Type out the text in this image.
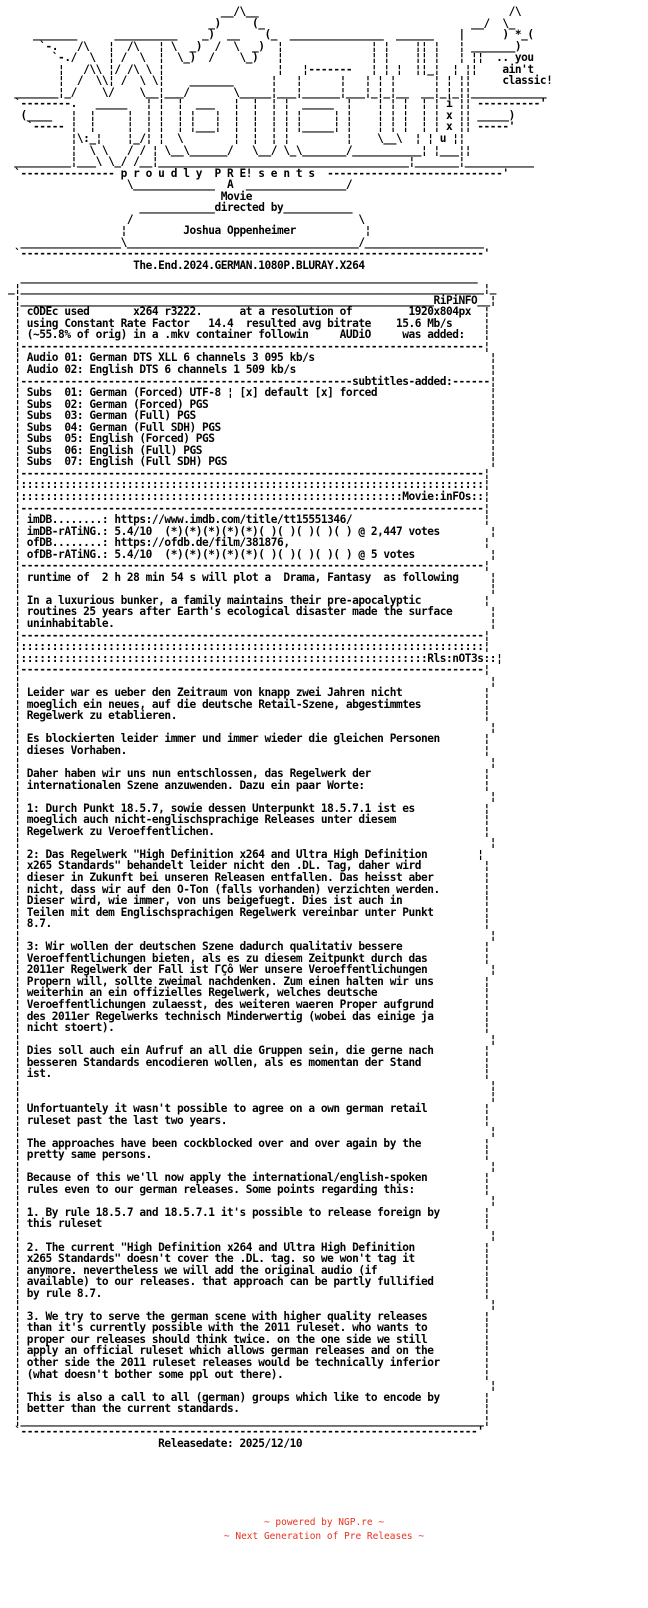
__/\__                                        /\
_)     (_                                 __/  \_
_______      __________    _)  __    (_  _______________  ______    |      ) *_(
`-.   /\   ¦  /\   ¦ \  _)  /  \  _)  ¦              ¦ ¦    ¦¦ ¦   ¦ _______)
`-./  \  ¦ /  \  ¦  \_)  /    \_)   ¦              ¦ ¦    ¦¦ ¦   ¦ ¦¦  .. you
¦   /\\ ¦/ /\ \ ¦                  ¦   ¦-------   ¦ ¦ ¦  ¦¦_¦  ¦ ¦¦    ain't
¦  /  \\¦ /  \ \¦    _______      ¦   ¦      ¦   ¦ ¦ ¦      ¦ ¦ ¦¦     classic!
_______¦_/    \/    \__¦___/       \_____¦___¦______¦___¦_¦_¦__  __¦_¦_¦¦____________
`--------.   _____   ¦ ¦  ¦  ___   ¦  ¦  ¦ ¦  _____  ¦    ¦ ¦ ¦  ¦ ¦ i ¦¦ ----------'
(____   ¦  ¦     ¦  ¦ ¦  ¦ ¦   ¦  ¦  ¦  ¦ ¦ ¦     ¦ ¦    ¦ ¦ ¦  ¦ ¦ x ¦¦ _____)
`----- ¦  ¦     ¦  ¦ ¦  ¦ ¦___¦  ¦  ¦  ¦ ¦ ¦_____¦ ¦    ¦ ¦ ¦  ¦ ¦ x ¦¦ -----'
¦\:_¦    ¦_/¦ ¦  \        ¦  ¦  ¦ ¦         ¦    \__\  ¦ ¦ u ¦¦
¦  \ \   / / ¦ \__\______/   \__/ \_\_______/___________¦ ¦___¦¦
_________¦___\ \_/ /__¦________________________________________¦_______¦___________
`--------------- p r o u d l y  P R E! s e n t s  ----------------------------'
\_____________  A  ________________/
Movie
____________directed by___________
/                                    \
¦         Joshua Oppenheimer           ¦
________________\_____________________________________/___________________
`--------------------------------------------------------------------------'
The.End.2024.GERMAN.1080P.BLURAY.X264
_________________________________________________________________________
_¦__________________________________________________________________________¦_
¦__________________________________________________________________RiPiNFO__¦
¦ cODEc used       x264 r3222.      at a resolution of         1920x804px  ¦
¦ using Constant Rate Factor   14.4  resulted avg bitrate    15.6 Mb/s     ¦
¦ (~55.8% of orig) in a .mkv container followin     AUDiO     was added:   ¦
¦--------------------------------------------------------------------------¦
¦ Audio 01: German DTS XLL 6 channels 3 095 kb/s                            ¦
¦ Audio 02: English DTS 6 channels 1 509 kb/s                               ¦
¦-----------------------------------------------------subtitles-added:------¦
¦ Subs  01: German (Forced) UTF-8 ¦ [x] default [x] forced                  ¦
¦ Subs  02: German (Forced) PGS                                             ¦
¦ Subs  03: German (Full) PGS                                               ¦
¦ Subs  04: German (Full SDH) PGS                                           ¦
¦ Subs  05: English (Forced) PGS                                            ¦
¦ Subs  06: English (Full) PGS                                              ¦
¦ Subs  07: English (Full SDH) PGS                                          ¦
¦--------------------------------------------------------------------------¦
¦::::::::::::::::::::::::::::::::::::::::::::::::::::::::::::::::::::::::::¦
¦:::::::::::::::::::::::::::::::::::::::::::::::::::::::::::::Movie:inFOs::¦
¦--------------------------------------------------------------------------¦
¦ imDB........: https://www.imdb.com/title/tt15551346/                     ¦
¦ imDB-rATiNG.: 5.4/10  (*)(*)(*)(*)(*)( )( )( )( )( ) @ 2,447 votes        ¦
¦ ofDB........: https://ofdb.de/film/381876,                               ¦
¦ ofDB-rATiNG.: 5.4/10  (*)(*)(*)(*)(*)( )( )( )( )( ) @ 5 votes            ¦
¦--------------------------------------------------------------------------¦
¦ runtime of  2 h 28 min 54 s will plot a  Drama, Fantasy  as following     ¦
¦                                                                           ¦
¦ In a luxurious bunker, a family maintains their pre-apocalyptic          ¦
¦ routines 25 years after Earth's ecological disaster made the surface      ¦
¦ uninhabitable.                                                            ¦
¦--------------------------------------------------------------------------¦
¦::::::::::::::::::::::::::::::::::::::::::::::::::::::::::::::::::::::::::¦
¦:::::::::::::::::::::::::::::::::::::::::::::::::::::::::::::::::Rls:nOT3s::¦
¦--------------------------------------------------------------------------¦
¦                                                                           ¦
¦ Leider war es ueber den Zeitraum von knapp zwei Jahren nicht             ¦
¦ moeglich ein neues, auf die deutsche Retail-Szene, abgestimmtes          ¦
¦ Regelwerk zu etablieren.                                                 ¦
¦                                                                           ¦
¦ Es blockierten leider immer und immer wieder die gleichen Personen       ¦
¦ dieses Vorhaben.                                                         ¦
¦                                                                           ¦
¦ Daher haben wir uns nun entschlossen, das Regelwerk der                  ¦
¦ internationalen Szene anzuwenden. Dazu ein paar Worte:                   ¦
¦                                                                           ¦
¦ 1: Durch Punkt 18.5.7, sowie dessen Unterpunkt 18.5.7.1 ist es           ¦
¦ moeglich auch nicht-englischsprachige Releases unter diesem              ¦
¦ Regelwerk zu Veroeffentlichen.                                           ¦
¦                                                                           ¦
¦ 2: Das Regelwerk "High Definition x264 and Ultra High Definition        ¦
¦ x265 Standards" behandelt leider nicht den .DL. Tag, daher wird          ¦
¦ dieser in Zukunft bei unseren Releasen entfallen. Das heisst aber        ¦
¦ nicht, dass wir auf den O-Ton (falls vorhanden) verzichten werden.       ¦
¦ Dieser wird, wie immer, von uns beigefuegt. Dies ist auch in             ¦
¦ Teilen mit dem Englischsprachigen Regelwerk vereinbar unter Punkt        ¦
¦ 8.7.                                                                     ¦
¦                                                                           ¦
¦ 3: Wir wollen der deutschen Szene dadurch qualitativ bessere             ¦
¦ Veroeffentlichungen bieten, als es zu diesem Zeitpunkt durch das         ¦
¦ 2011er Regelwerk der Fall ist ΓÇô Wer unsere Veroeffentlichungen          ¦
¦ Propern will, sollte zweimal nachdenken. Zum einen halten wir uns        ¦
¦ weiterhin an ein offizielles Regelwerk, welches deutsche                 ¦
¦ Veroeffentlichungen zulaesst, des weiteren waeren Proper aufgrund        ¦
¦ des 2011er Regelwerks technisch Minderwertig (wobei das einige ja        ¦
¦ nicht stoert).                                                           ¦
¦                                                                           ¦
¦ Dies soll auch ein Aufruf an all die Gruppen sein, die gerne nach        ¦
¦ besseren Standards encodieren wollen, als es momentan der Stand          ¦
¦ ist.                                                                     ¦
¦                                                                           ¦
¦                                                                           ¦
¦ Unfortuantely it wasn't possible to agree on a own german retail         ¦
¦ ruleset past the last two years.                                         ¦
¦                                                                           ¦
¦ The approaches have been cockblocked over and over again by the          ¦
¦ pretty same persons.                                                     ¦
¦                                                                           ¦
¦ Because of this we'll now apply the international/english-spoken         ¦
¦ rules even to our german releases. Some points regarding this:           ¦
¦                                                                           ¦
¦ 1. By rule 18.5.7 and 18.5.7.1 it's possible to release foreign by       ¦
¦ this ruleset                                                             ¦
¦                                                                           ¦
¦ 2. The current "High Definition x264 and Ultra High Definition           ¦
¦ x265 Standards" doesn't cover the .DL. tag. so we won't tag it           ¦
¦ anymore. nevertheless we will add the original audio (if                 ¦
¦ available) to our releases. that approach can be partly fullified        ¦
¦ by rule 8.7.                                                             ¦
¦                                                                           ¦
¦ 3. We try to serve the german scene with higher quality releases         ¦
¦ than it's currently possible with the 2011 ruleset. who wants to         ¦
¦ proper our releases should think twice. on the one side we still         ¦
¦ apply an official ruleset which allows german releases and on the        ¦
¦ other side the 2011 ruleset releases would be technically inferior       ¦
¦ (what doesn't bother some ppl out there).                                ¦
¦                                                                           ¦
¦ This is also a call to all (german) groups which like to encode by       ¦
¦ better than the current standards.                                       ¦
¦__________________________________________________________________________¦
`-------------------------------------------------------------------------'
Releasedate: 2025/12/10
~ powered by NGP.re ~
~ Next Generation of Pre Releases ~
